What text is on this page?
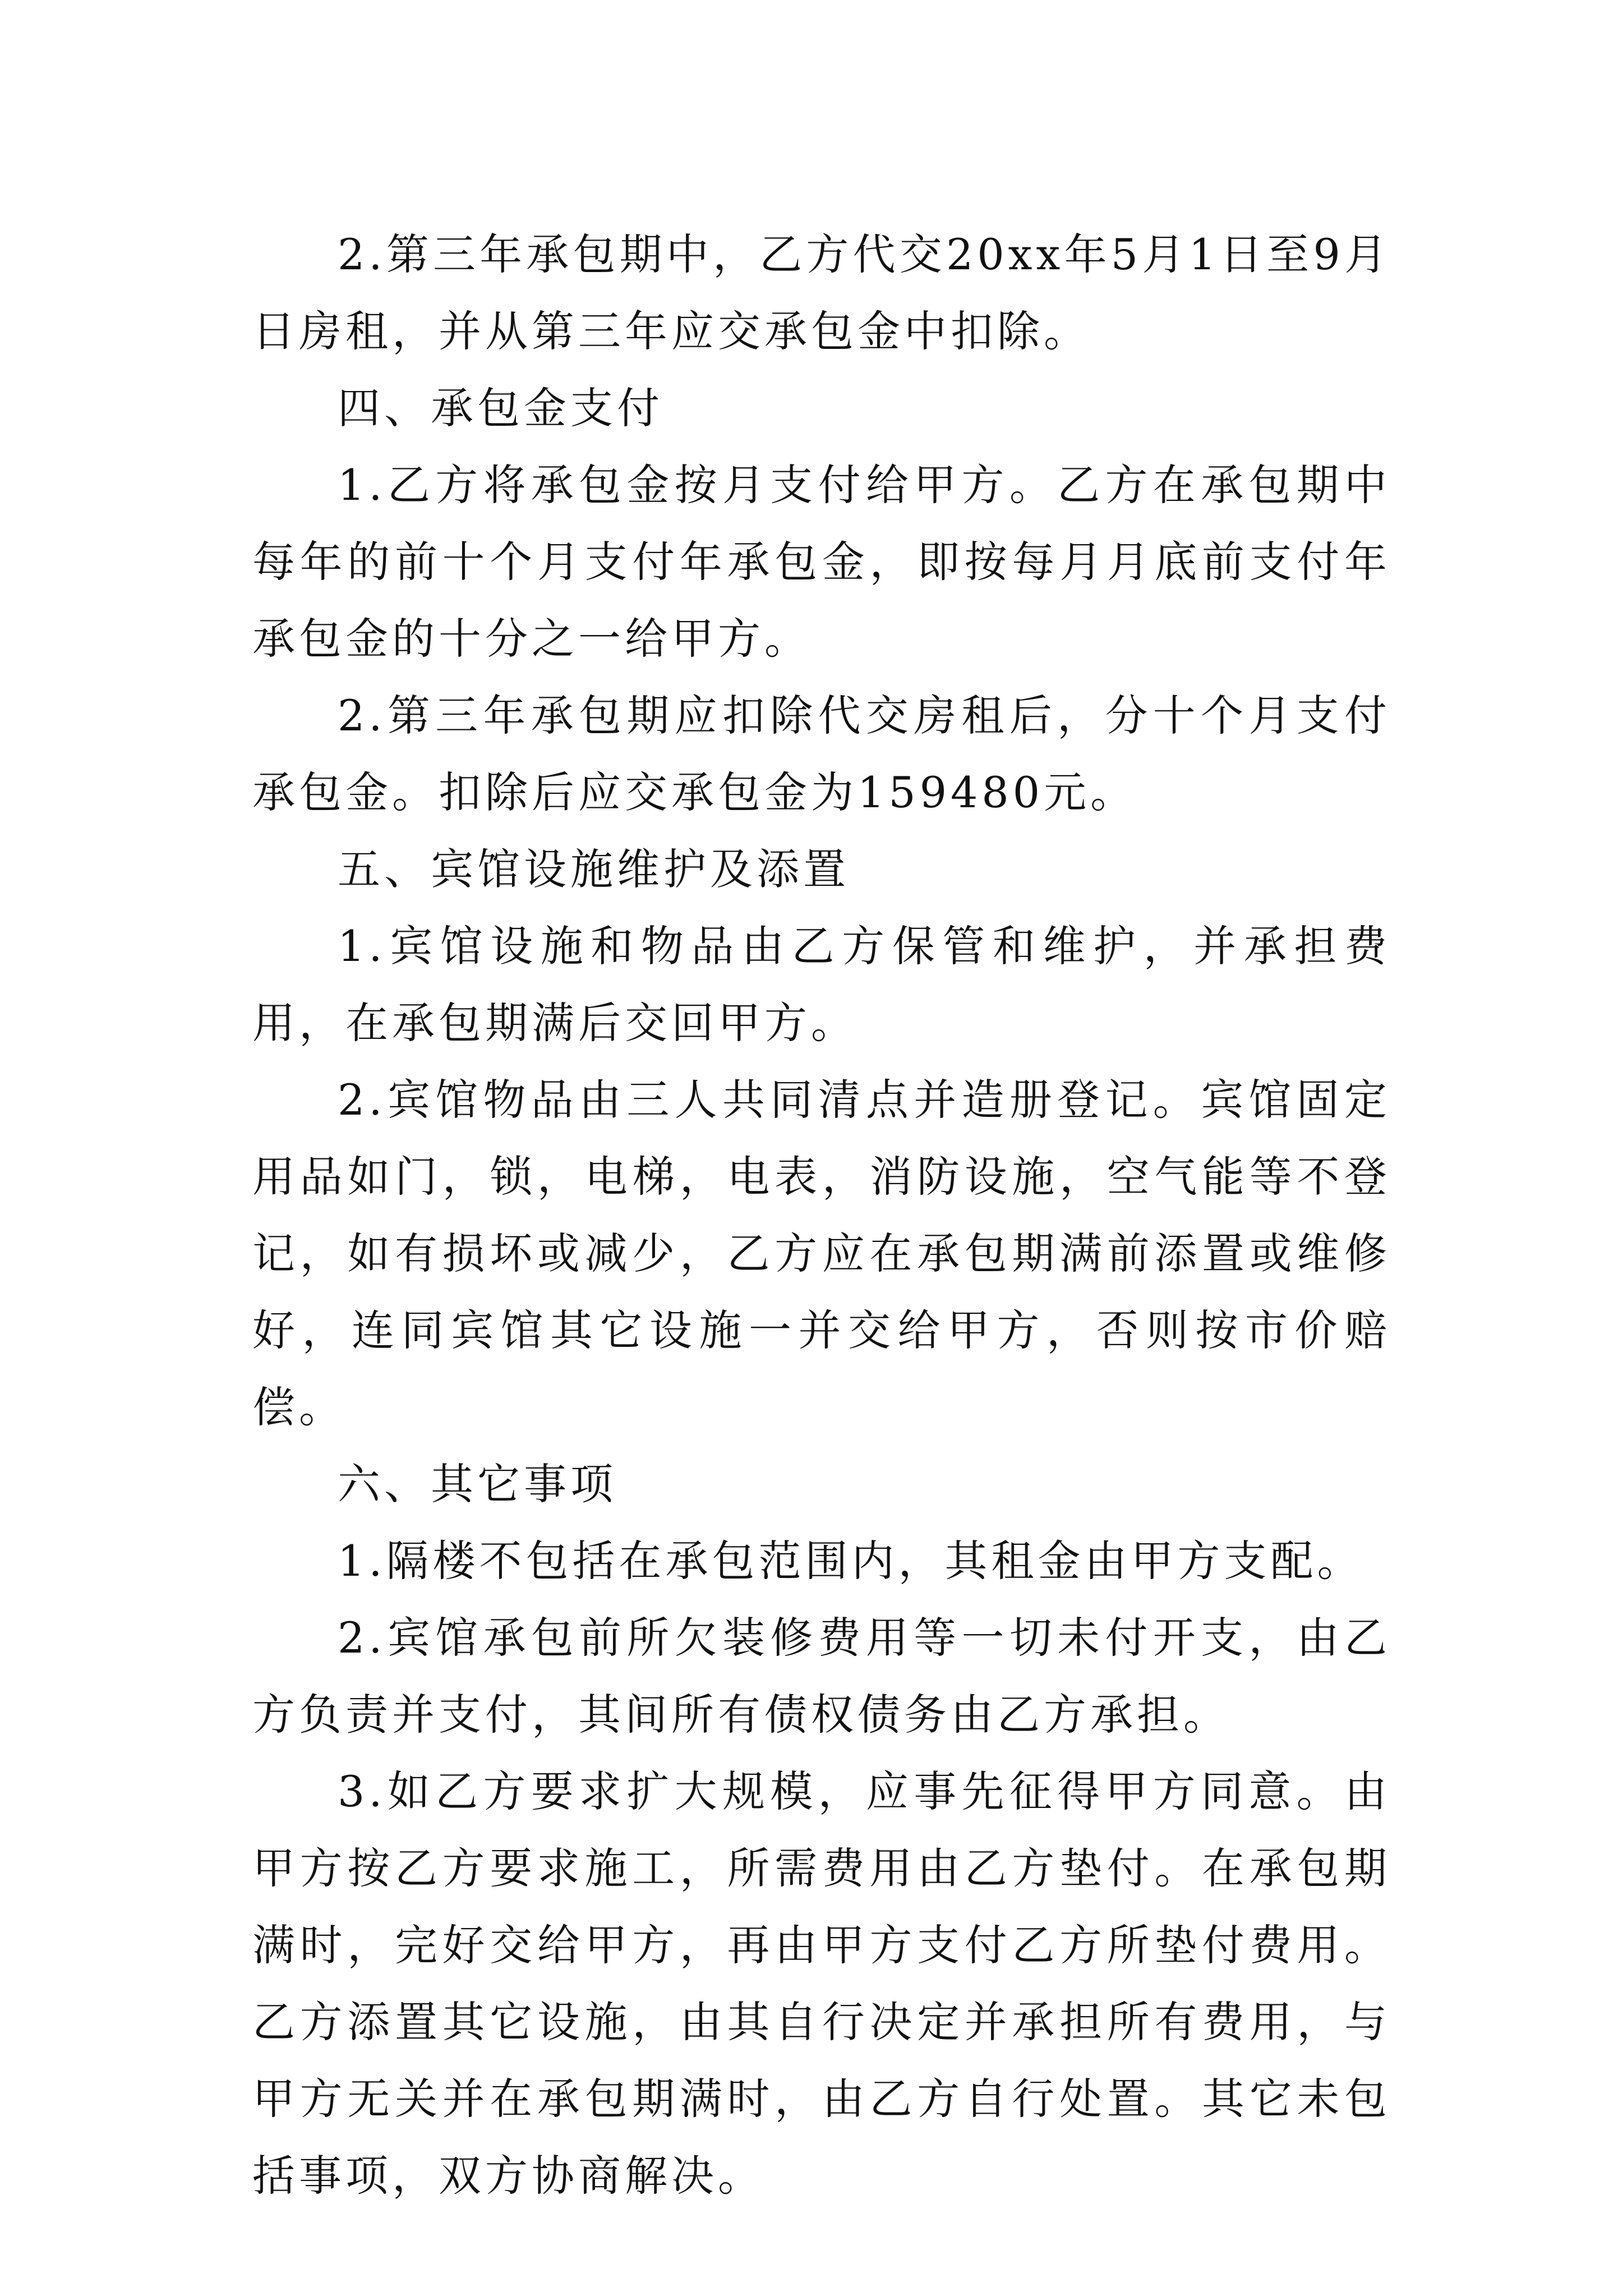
2.第三年承包期中，乙方代交20xx年5月1日至9月日房租，并从第三年应交承包金中扣除。

四、承包金支付

1.乙方将承包金按月支付给甲方。乙方在承包期中每年的前十个月支付年承包金，即按每月月底前支付年承包金的十分之一给甲方。

2.第三年承包期应扣除代交房租后，分十个月支付承包金。扣除后应交承包金为159480元。

五、宾馆设施维护及添置

1.宾馆设施和物品由乙方保管和维护，并承担费用，在承包期满后交回甲方。

2.宾馆物品由三人共同清点并造册登记。宾馆固定用品如门，锁，电梯，电表，消防设施，空气能等不登记，如有损坏或减少，乙方应在承包期满前添置或维修好，连同宾馆其它设施一并交给甲方，否则按市价赔偿。

六、其它事项

1.隔楼不包括在承包范围内，其租金由甲方支配。

2.宾馆承包前所欠装修费用等一切未付开支，由乙方负责并支付，其间所有债权债务由乙方承担。

3.如乙方要求扩大规模，应事先征得甲方同意。由甲方按乙方要求施工，所需费用由乙方垫付。在承包期满时，完好交给甲方，再由甲方支付乙方所垫付费用。乙方添置其它设施，由其自行决定并承担所有费用，与甲方无关并在承包期满时，由乙方自行处置。其它未包括事项，双方协商解决。
